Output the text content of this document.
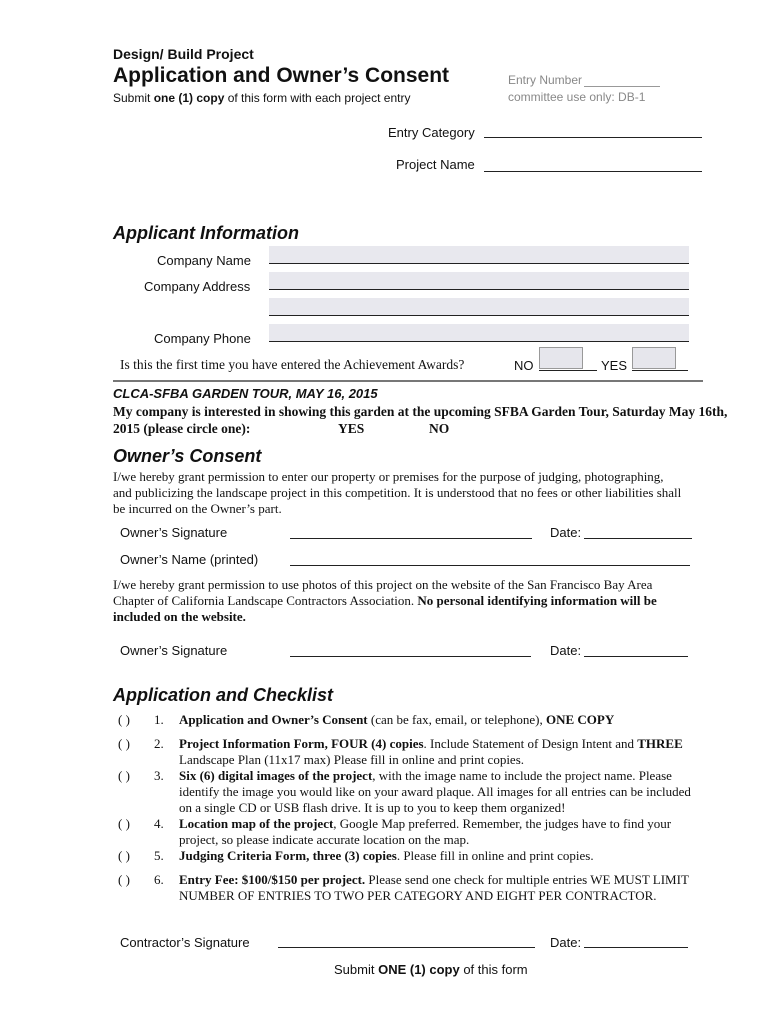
Design/ Build Project
Application and Owner’s Consent
Submit one (1) copy of this form with each project entry
Entry Number
committee use only: DB-1
Entry Category
Project Name
Applicant Information
Company Name
Company Address
Company Phone
Is this the first time you have entered the Achievement Awards?	NO	YES
CLCA-SFBA GARDEN TOUR, MAY 16, 2015
My company is interested in showing this garden at the upcoming SFBA Garden Tour, Saturday May 16th,
2015 (please circle one):	YES	NO
Owner’s Consent
I/we hereby grant permission to enter our property or premises for the purpose of judging, photographing,
and publicizing the landscape project in this competition. It is understood that no fees or other liabilities shall
be incurred on the Owner’s part.
Owner’s Signature	Date:
Owner’s Name (printed)
I/we hereby grant permission to use photos of this project on the website of the San Francisco Bay Area
Chapter of California Landscape Contractors Association. No personal identifying information will be
included on the website.
Owner’s Signature	Date:
Application and Checklist
( )	1.	Application and Owner’s Consent (can be fax, email, or telephone), ONE COPY
( )	2.	Project Information Form, FOUR (4) copies. Include Statement of Design Intent and THREE Landscape Plan (11x17 max) Please fill in online and print copies.
( )	3.	Six (6) digital images of the project, with the image name to include the project name. Please identify the image you would like on your award plaque. All images for all entries can be included on a single CD or USB flash drive. It is up to you to keep them organized!
( )	4.	Location map of the project, Google Map preferred. Remember, the judges have to find your project, so please indicate accurate location on the map.
( )	5.	Judging Criteria Form, three (3) copies. Please fill in online and print copies.
( )	6.	Entry Fee: $100/$150 per project. Please send one check for multiple entries WE MUST LIMIT NUMBER OF ENTRIES TO TWO PER CATEGORY AND EIGHT PER CONTRACTOR.
Contractor’s Signature	Date:
Submit ONE (1) copy of this form
